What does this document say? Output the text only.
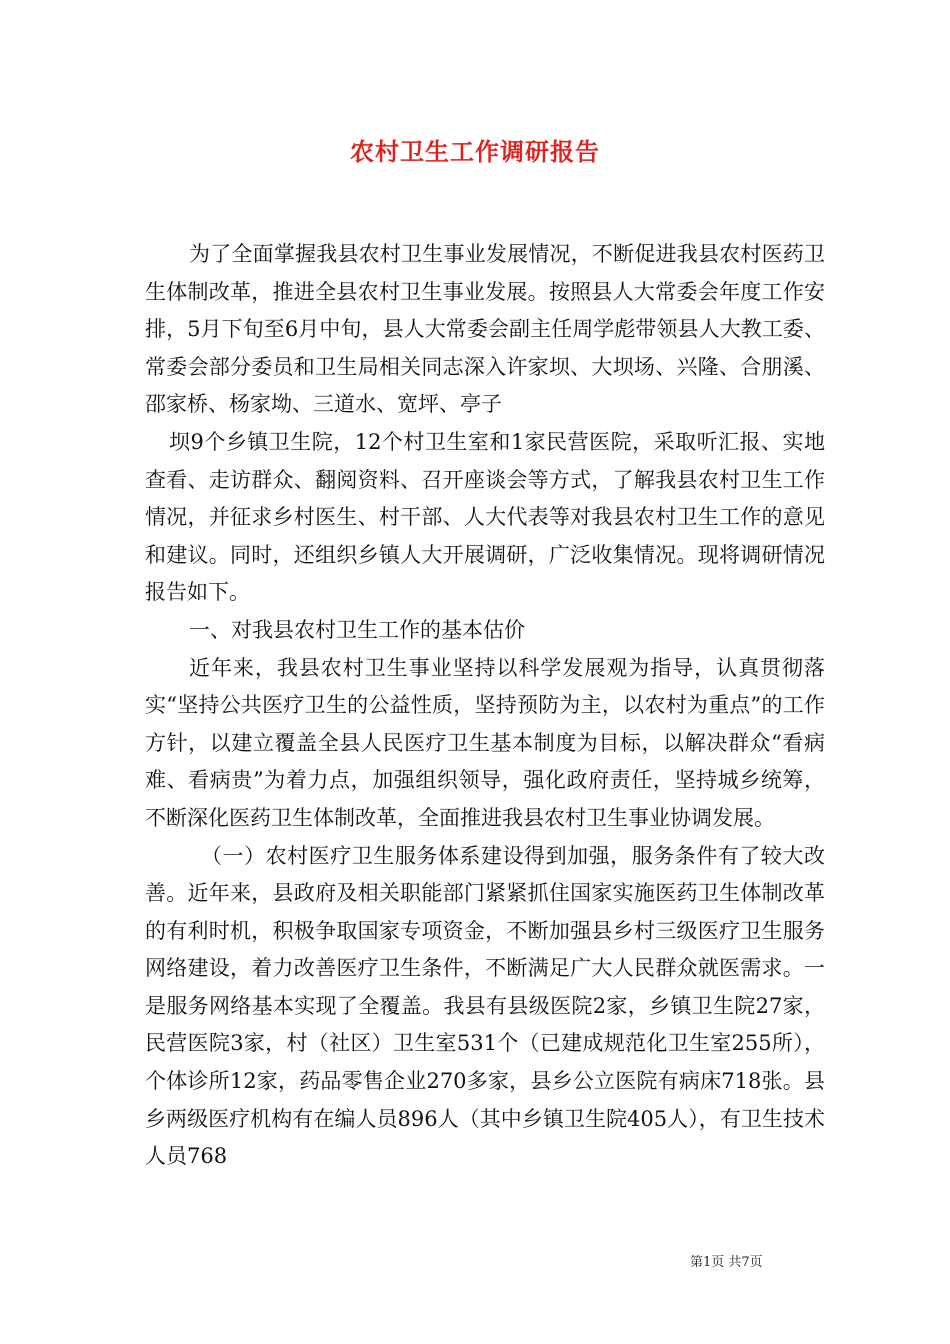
农村卫生工作调研报告

为了全面掌握我县农村卫生事业发展情况，不断促进我县农村医药卫生体制改革，推进全县农村卫生事业发展。按照县人大常委会年度工作安排，5月下旬至6月中旬，县人大常委会副主任周学彪带领县人大教工委、常委会部分委员和卫生局相关同志深入许家坝、大坝场、兴隆、合朋溪、邵家桥、杨家坳、三道水、宽坪、亭子

坝9个乡镇卫生院，12个村卫生室和1家民营医院，采取听汇报、实地查看、走访群众、翻阅资料、召开座谈会等方式，了解我县农村卫生工作情况，并征求乡村医生、村干部、人大代表等对我县农村卫生工作的意见和建议。同时，还组织乡镇人大开展调研，广泛收集情况。现将调研情况报告如下。

一、对我县农村卫生工作的基本估价

近年来，我县农村卫生事业坚持以科学发展观为指导，认真贯彻落实“坚持公共医疗卫生的公益性质，坚持预防为主，以农村为重点”的工作方针，以建立覆盖全县人民医疗卫生基本制度为目标，以解决群众“看病难、看病贵”为着力点，加强组织领导，强化政府责任，坚持城乡统筹，不断深化医药卫生体制改革，全面推进我县农村卫生事业协调发展。

（一）农村医疗卫生服务体系建设得到加强，服务条件有了较大改善。近年来，县政府及相关职能部门紧紧抓住国家实施医药卫生体制改革的有利时机，积极争取国家专项资金，不断加强县乡村三级医疗卫生服务网络建设，着力改善医疗卫生条件，不断满足广大人民群众就医需求。一是服务网络基本实现了全覆盖。我县有县级医院2家，乡镇卫生院27家，民营医院3家，村（社区）卫生室531个（已建成规范化卫生室255所），个体诊所12家，药品零售企业270多家，县乡公立医院有病床718张。县乡两级医疗机构有在编人员896人（其中乡镇卫生院405人），有卫生技术人员768

第1页 共7页
